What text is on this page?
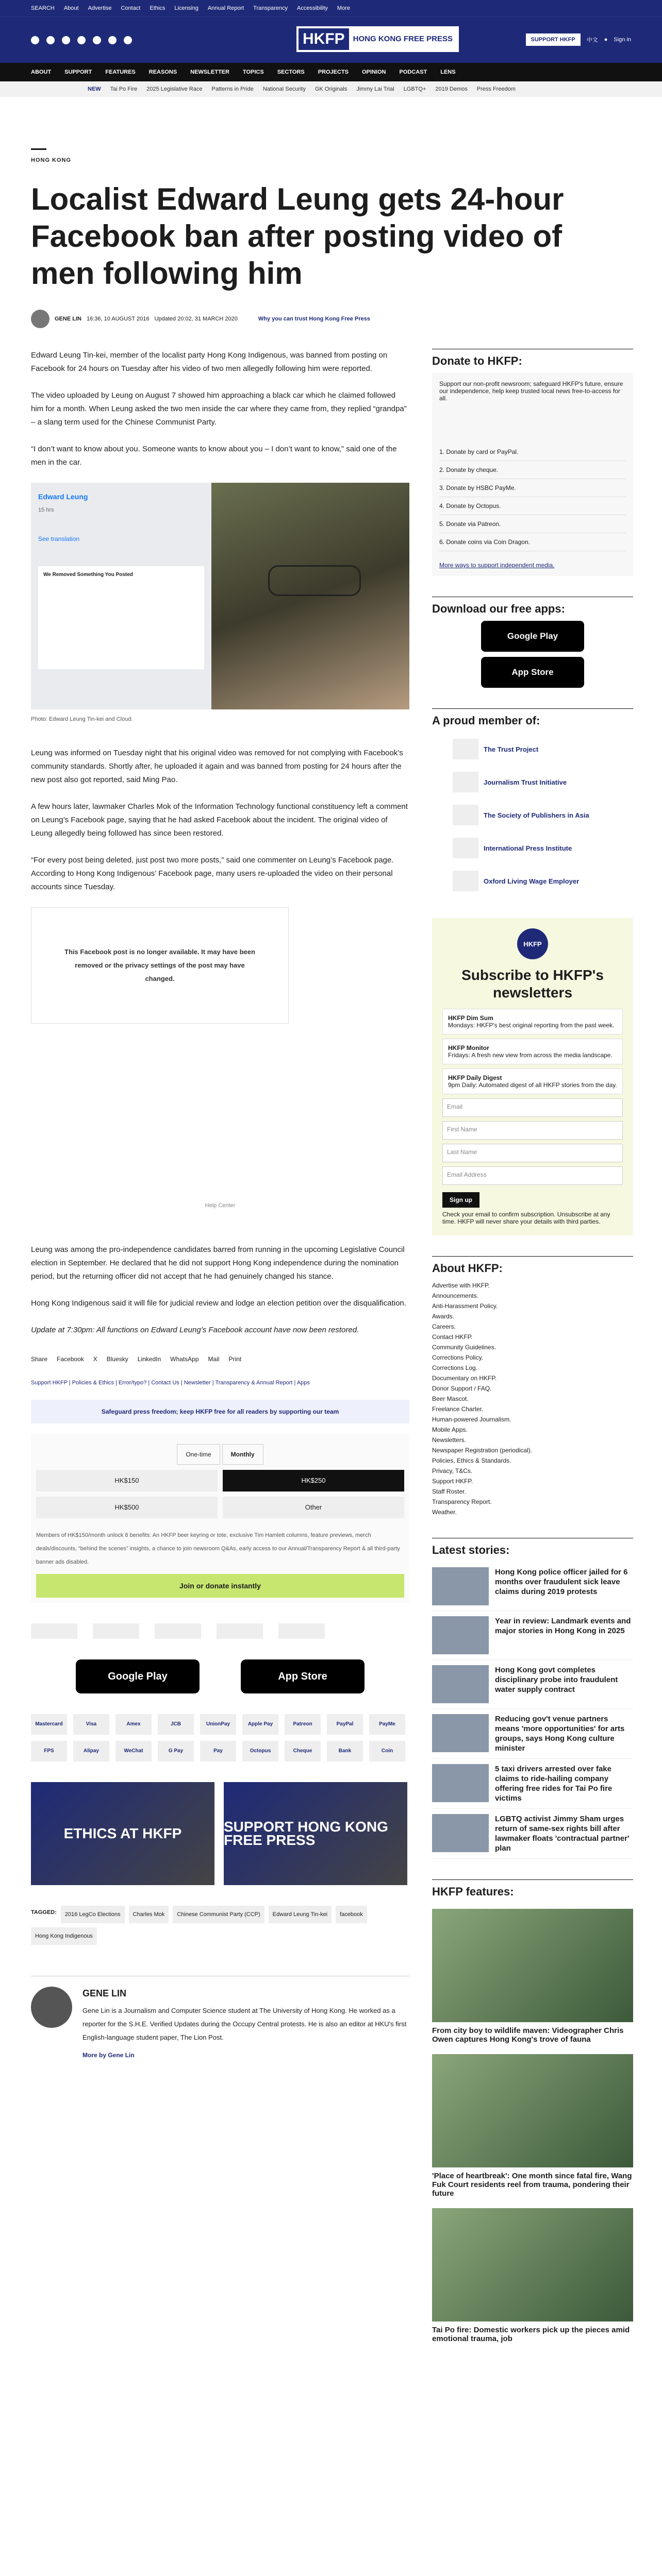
SEARCH About Advertise Contact Ethics Licensing Annual Report Transparency Accessibility More
HKFP	HONG KONG FREE PRESS	SUPPORT HKFP	中文 ● Sign in
ABOUT SUPPORT FEATURES REASONS NEWSLETTER TOPICS SECTORS PROJECTS OPINION PODCAST LENS
NEW Tai Po Fire 2025 Legislative Race Patterns in Pride National Security GK Originals Jimmy Lai Trial LGBTQ+ 2019 Demos Press Freedom
HONG KONG
Localist Edward Leung gets 24-hour Facebook ban after posting video of men following him
GENE LIN 16:36, 10 AUGUST 2016 Updated 20:02, 31 MARCH 2020	Why you can trust Hong Kong Free Press

Edward Leung Tin-kei, member of the localist party Hong Kong Indigenous, was banned from posting on Facebook for 24 hours on Tuesday after his video of two men allegedly following him were reported.

The video uploaded by Leung on August 7 showed him approaching a black car which he claimed followed him for a month. When Leung asked the two men inside the car where they came from, they replied “grandpa” – a slang term used for the Chinese Communist Party.

“I don’t want to know about you. Someone wants to know about you – I don’t want to know,” said one of the men in the car.

Edward Leung
15 hrs
See translation
We Removed Something You Posted
Photo: Edward Leung Tin-kei and Cloud.

Leung was informed on Tuesday night that his original video was removed for not complying with Facebook’s community standards. Shortly after, he uploaded it again and was banned from posting for 24 hours after the new post also got reported, said Ming Pao.

A few hours later, lawmaker Charles Mok of the Information Technology functional constituency left a comment on Leung’s Facebook page, saying that he had asked Facebook about the incident. The original video of Leung allegedly being followed has since been restored.

“For every post being deleted, just post two more posts,” said one commenter on Leung’s Facebook page. According to Hong Kong Indigenous’ Facebook page, many users re-uploaded the video on their personal accounts since Tuesday.

This Facebook post is no longer available. It may have been removed or the privacy settings of the post may have changed.
Help Center

Leung was among the pro-independence candidates barred from running in the upcoming Legislative Council election in September. He declared that he did not support Hong Kong independence during the nomination period, but the returning officer did not accept that he had genuinely changed his stance.

Hong Kong Indigenous said it will file for judicial review and lodge an election petition over the disqualification.

Update at 7:30pm: All functions on Edward Leung’s Facebook account have now been restored.

Share Facebook X Bluesky LinkedIn WhatsApp Mail Print
Support HKFP | Policies & Ethics | Error/typo? | Contact Us | Newsletter | Transparency & Annual Report | Apps
Safeguard press freedom; keep HKFP free for all readers by supporting our team
One-time	Monthly
HK$150	HK$250
HK$500	Other
Members of HK$150/month unlock 8 benefits: An HKFP beer keyring or tote, exclusive Tim Hamlett columns, feature previews, merch deals/discounts, “behind the scenes” insights, a chance to join newsroom Q&As, early access to our Annual/Transparency Report & all third-party banner ads disabled.
Join or donate instantly
Google Play	App Store
Mastercard	Visa	Amex	JCB	UnionPay	Apple Pay	Patreon	PayPal	PayMe
FPS	Alipay	WeChat	G Pay	Pay	Octopus	Cheque	Bank	Coin
ETHICS AT HKFP	SUPPORT HONG KONG FREE PRESS
TAGGED:	2016 LegCo Elections	Charles Mok	Chinese Communist Party (CCP)	Edward Leung Tin-kei	facebook
Hong Kong Indigenous
GENE LIN
Gene Lin is a Journalism and Computer Science student at The University of Hong Kong. He worked as a reporter for the S.H.E. Verified Updates during the Occupy Central protests. He is also an editor at HKU's first English-language student paper, The Lion Post.
More by Gene Lin
Donate to HKFP:

Support our non-profit newsroom; safeguard HKFP's future, ensure our independence, help keep trusted local news free-to-access for all.

1. Donate by card or PayPal.
2. Donate by cheque.
3. Donate by HSBC PayMe.
4. Donate by Octopus.
5. Donate via Patreon.
6. Donate coins via Coin Dragon.

More ways to support independent media.

Download our free apps:
Google Play
App Store
A proud member of:
The Trust Project
Journalism Trust Initiative
The Society of Publishers in Asia
International Press Institute
Oxford Living Wage Employer
HKFP
Subscribe to HKFP's newsletters
HKFP Dim Sum
Mondays: HKFP's best original reporting from the past week.
HKFP Monitor
Fridays: A fresh new view from across the media landscape.
HKFP Daily Digest
9pm Daily: Automated digest of all HKFP stories from the day.
Email
First Name
Last Name
Email Address
Sign up

Check your email to confirm subscription. Unsubscribe at any time. HKFP will never share your details with third parties.

About HKFP:
Advertise with HKFP.
Announcements.
Anti-Harassment Policy.
Awards.
Careers.
Contact HKFP.
Community Guidelines.
Corrections Policy.
Corrections Log.
Documentary on HKFP.
Donor Support / FAQ.
Beer Mascot.
Freelance Charter.
Human-powered Journalism.
Mobile Apps.
Newsletters.
Newspaper Registration (periodical).
Policies, Ethics & Standards.
Privacy, T&Cs.
Support HKFP.
Staff Roster.
Transparency Report.
Weather.
Latest stories:
Hong Kong police officer jailed for 6 months over fraudulent sick leave claims during 2019 protests
Year in review: Landmark events and major stories in Hong Kong in 2025
Hong Kong govt completes disciplinary probe into fraudulent water supply contract
Reducing gov't venue partners means 'more opportunities' for arts groups, says Hong Kong culture minister
5 taxi drivers arrested over fake claims to ride-hailing company offering free rides for Tai Po fire victims
LGBTQ activist Jimmy Sham urges return of same-sex rights bill after lawmaker floats 'contractual partner' plan
HKFP features:
From city boy to wildlife maven: Videographer Chris Owen captures Hong Kong's trove of fauna
'Place of heartbreak': One month since fatal fire, Wang Fuk Court residents reel from trauma, pondering their future
Tai Po fire: Domestic workers pick up the pieces amid emotional trauma, job
